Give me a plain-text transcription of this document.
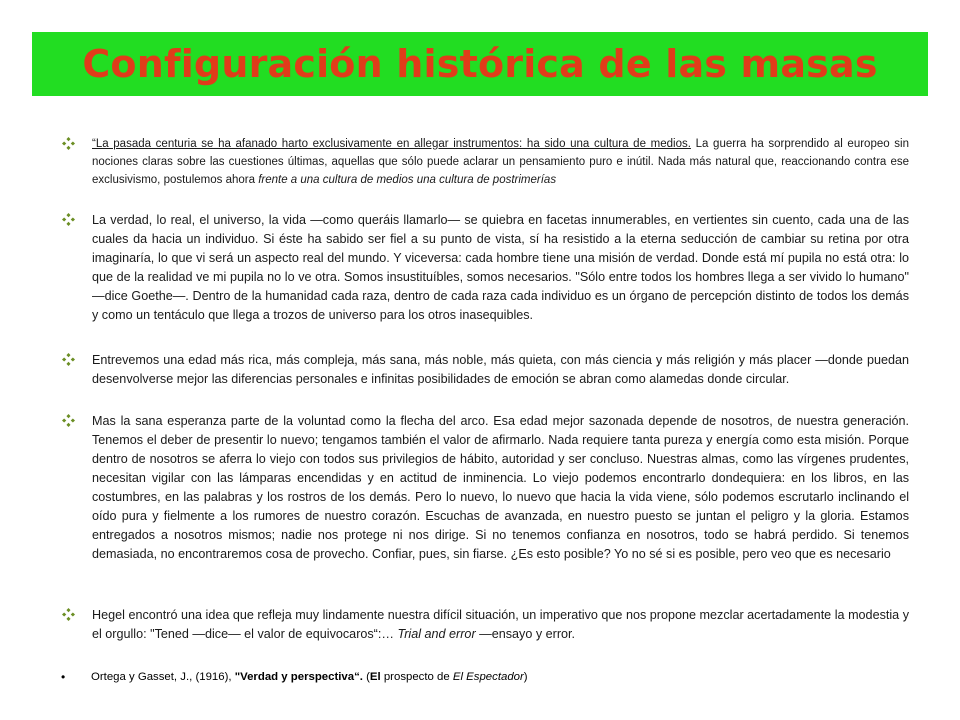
Configuración histórica de las masas
“La pasada centuria se ha afanado harto exclusivamente en allegar instrumentos: ha sido una cultura de medios. La guerra ha sorprendido al europeo sin nociones claras sobre las cuestiones últimas, aquellas que sólo puede aclarar un pensamiento puro e inútil. Nada más natural que, reaccionando contra ese exclusivismo, postulemos ahora frente a una cultura de medios una cultura de postrimerías
La verdad, lo real, el universo, la vida —como queráis llamarlo— se quiebra en facetas innumerables, en vertientes sin cuento, cada una de las cuales da hacia un individuo. Si éste ha sabido ser fiel a su punto de vista, sí ha resistido a la eterna seducción de cambiar su retina por otra imaginaría, lo que vi será un aspecto real del mundo. Y viceversa: cada hombre tiene una misión de verdad. Donde está mí pupila no está otra: lo que de la realidad ve mi pupila no lo ve otra. Somos insustituíbles, somos necesarios. "Sólo entre todos los hombres llega a ser vivido lo humano" —dice Goethe—. Dentro de la humanidad cada raza, dentro de cada raza cada individuo es un órgano de percepción distinto de todos los demás y como un tentáculo que llega a trozos de universo para los otros inasequibles.
Entrevemos una edad más rica, más compleja, más sana, más noble, más quieta, con más ciencia y más religión y más placer —donde puedan desenvolverse mejor las diferencias personales e infinitas posibilidades de emoción se abran como alamedas donde circular.
Mas la sana esperanza parte de la voluntad como la flecha del arco. Esa edad mejor sazonada depende de nosotros, de nuestra generación. Tenemos el deber de presentir lo nuevo; tengamos también el valor de afirmarlo. Nada requiere tanta pureza y energía como esta misión. Porque dentro de nosotros se aferra lo viejo con todos sus privilegios de hábito, autoridad y ser concluso. Nuestras almas, como las vírgenes prudentes, necesitan vigilar con las lámparas encendidas y en actitud de inminencia. Lo viejo podemos encontrarlo dondequiera: en los libros, en las costumbres, en las palabras y los rostros de los demás. Pero lo nuevo, lo nuevo que hacia la vida viene, sólo podemos escrutarlo inclinando el oído pura y fielmente a los rumores de nuestro corazón. Escuchas de avanzada, en nuestro puesto se juntan el peligro y la gloria. Estamos entregados a nosotros mismos; nadie nos protege ni nos dirige. Si no tenemos confianza en nosotros, todo se habrá perdido. Si tenemos demasiada, no encontraremos cosa de provecho. Confiar, pues, sin fiarse. ¿Es esto posible? Yo no sé si es posible, pero veo que es necesario
Hegel encontró una idea que refleja muy lindamente nuestra difícil situación, un imperativo que nos propone mezclar acertadamente la modestia y el orgullo: "Tened —dice— el valor de equivocaros“:… Trial and error —ensayo y error.
•	Ortega y Gasset, J., (1916), "Verdad y perspectiva“. (El prospecto de El Espectador)
